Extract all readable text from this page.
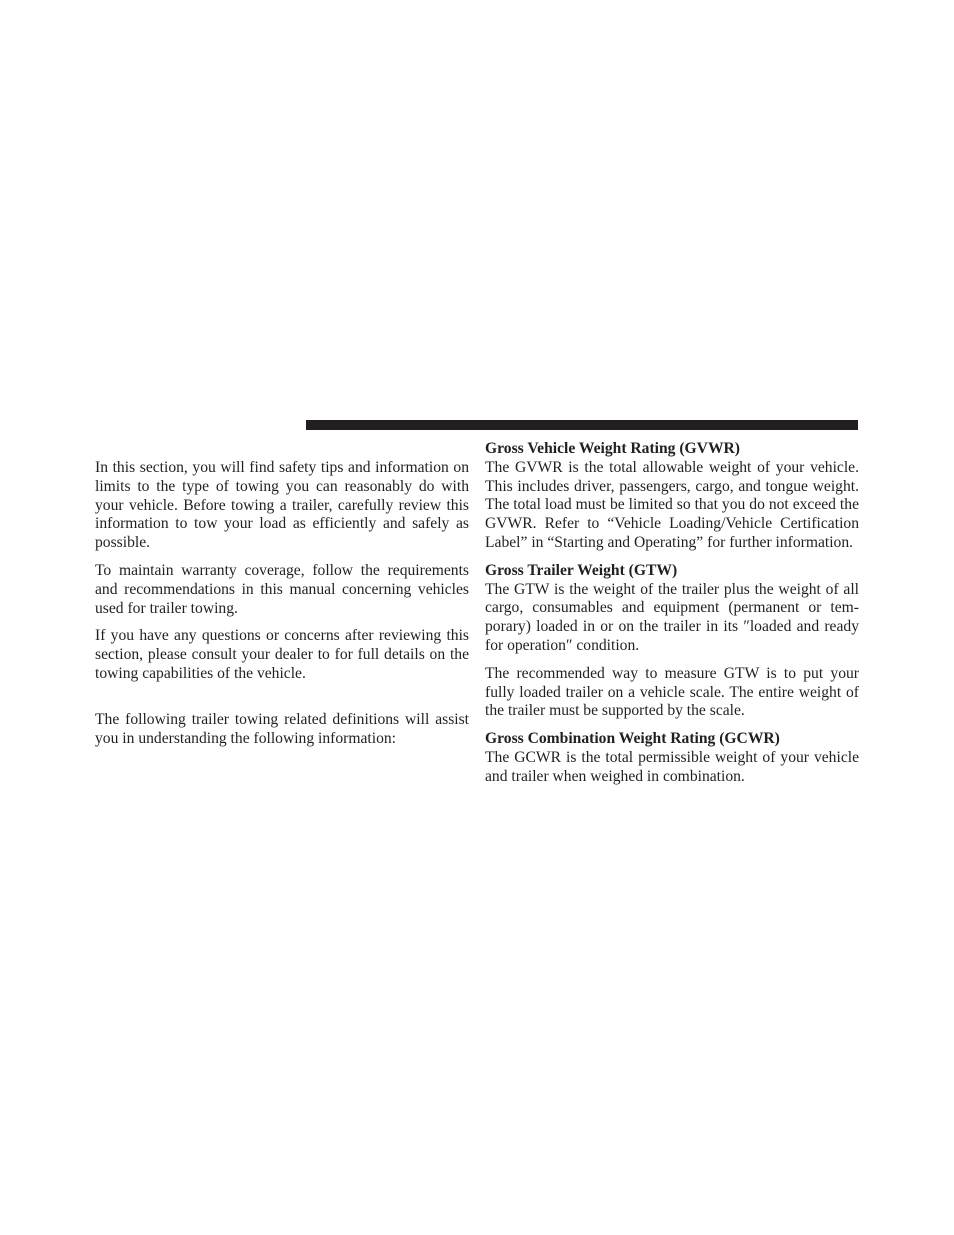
In this section, you will find safety tips and information on limits to the type of towing you can reasonably do with your vehicle. Before towing a trailer, carefully review this information to tow your load as efficiently and safely as possible.

To maintain warranty coverage, follow the requirements and recommendations in this manual concerning vehicles used for trailer towing.

If you have any questions or concerns after reviewing this section, please consult your dealer to for full details on the towing capabilities of the vehicle.

The following trailer towing related definitions will assist you in understanding the following information:

Gross Vehicle Weight Rating (GVWR)

The GVWR is the total allowable weight of your vehicle. This includes driver, passengers, cargo, and tongue weight. The total load must be limited so that you do not exceed the GVWR. Refer to “Vehicle Loading/Vehicle Certification Label” in “Starting and Operating” for further information.

Gross Trailer Weight (GTW)

The GTW is the weight of the trailer plus the weight of all cargo, consumables and equipment (permanent or temporary) loaded in or on the trailer in its ″loaded and ready for operation″ condition.

The recommended way to measure GTW is to put your fully loaded trailer on a vehicle scale. The entire weight of the trailer must be supported by the scale.

Gross Combination Weight Rating (GCWR)

The GCWR is the total permissible weight of your vehicle and trailer when weighed in combination.
